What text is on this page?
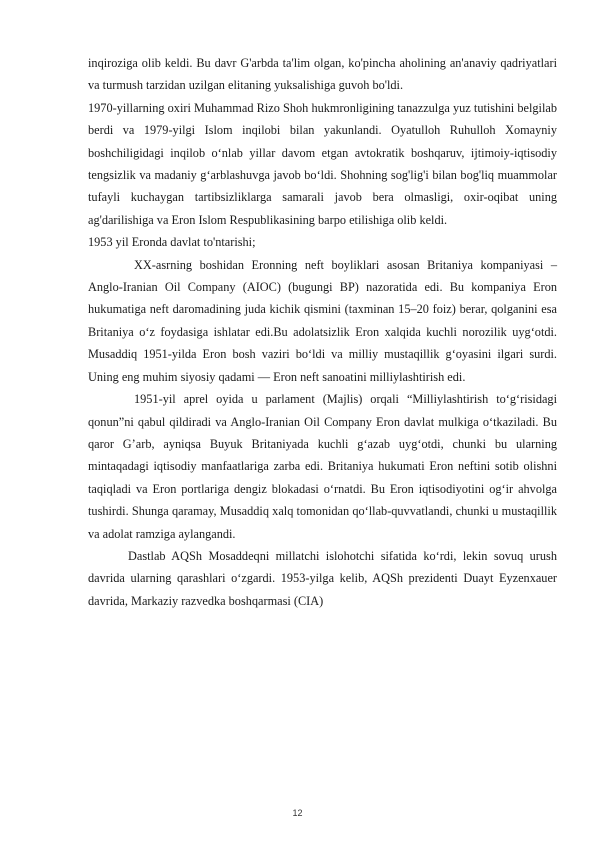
inqiroziga olib keldi. Bu davr G'arbda ta'lim olgan, ko'pincha aholining an'anaviy qadriyatlari va turmush tarzidan uzilgan elitaning yuksalishiga guvoh bo'ldi.

1970-yillarning oxiri Muhammad Rizo Shoh hukmronligining tanazzulga yuz tutishini belgilab berdi va 1979-yilgi Islom inqilobi bilan yakunlandi. Oyatulloh Ruhulloh Xomayniy boshchiligidagi inqilob oʻnlab yillar davom etgan avtokratik boshqaruv, ijtimoiy-iqtisodiy tengsizlik va madaniy gʻarblashuvga javob boʻldi. Shohning sog'lig'i bilan bog'liq muammolar tufayli kuchaygan tartibsizliklarga samarali javob bera olmasligi, oxir-oqibat uning ag'darilishiga va Eron Islom Respublikasining barpo etilishiga olib keldi.

1953 yil Eronda davlat to'ntarishi;

XX-asrning boshidan Eronning neft boyliklari asosan Britaniya kompaniyasi – Anglo-Iranian Oil Company (AIOC) (bugungi BP) nazoratida edi. Bu kompaniya Eron hukumatiga neft daromadining juda kichik qismini (taxminan 15–20 foiz) berar, qolganini esa Britaniya o‘z foydasiga ishlatar edi.Bu adolatsizlik Eron xalqida kuchli norozilik uyg‘otdi. Musaddiq 1951-yilda Eron bosh vaziri bo‘ldi va milliy mustaqillik g‘oyasini ilgari surdi. Uning eng muhim siyosiy qadami — Eron neft sanoatini milliylashtirish edi.

1951-yil aprel oyida u parlament (Majlis) orqali “Milliylashtirish to‘g‘risidagi qonun”ni qabul qildiradi va Anglo-Iranian Oil Company Eron davlat mulkiga o‘tkaziladi. Bu qaror G’arb, ayniqsa Buyuk Britaniyada kuchli g‘azab uyg‘otdi, chunki bu ularning mintaqadagi iqtisodiy manfaatlariga zarba edi. Britaniya hukumati Eron neftini sotib olishni taqiqladi va Eron portlariga dengiz blokadasi o‘rnatdi. Bu Eron iqtisodiyotini og‘ir ahvolga tushirdi. Shunga qaramay, Musaddiq xalq tomonidan qo‘llab-quvvatlandi, chunki u mustaqillik va adolat ramziga aylangandi.

Dastlab AQSh Mosaddeqni millatchi islohotchi sifatida ko‘rdi, lekin sovuq urush davrida ularning qarashlari o‘zgardi. 1953-yilga kelib, AQSh prezidenti Duayt Eyzenxauer davrida, Markaziy razvedka boshqarmasi (CIA)

12
